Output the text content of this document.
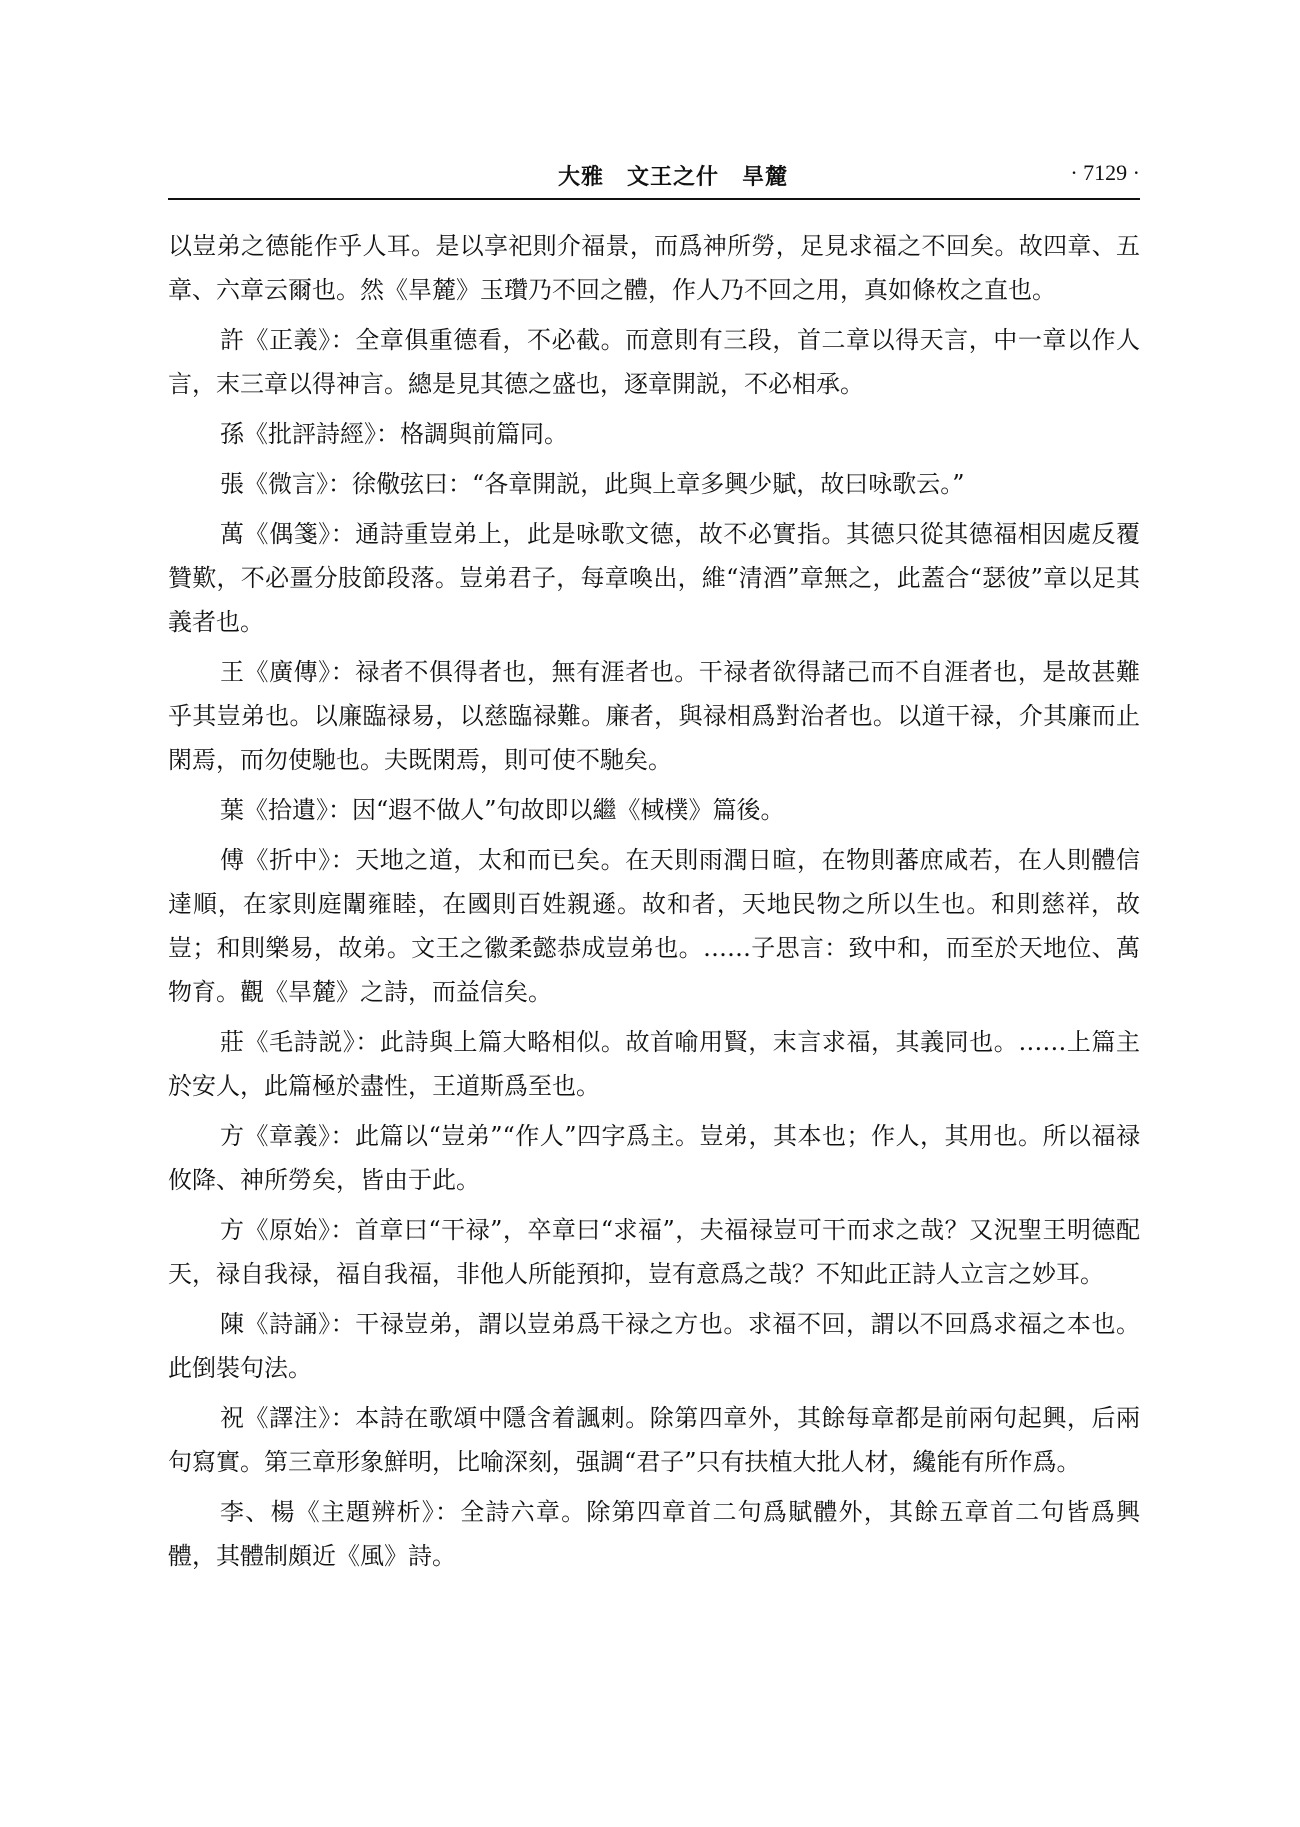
大雅　文王之什　旱麓	· 7129 ·

以豈弟之德能作乎人耳。是以享祀則介福景，而爲神所勞，足見求福之不回矣。故四章、五章、六章云爾也。然《旱麓》玉瓚乃不回之體，作人乃不回之用，真如條枚之直也。

許《正義》：全章俱重德看，不必截。而意則有三段，首二章以得天言，中一章以作人言，末三章以得神言。總是見其德之盛也，逐章開説，不必相承。

孫《批評詩經》：格調與前篇同。

張《微言》：徐儆弦曰：“各章開説，此與上章多興少賦，故曰咏歌云。”

萬《偶箋》：通詩重豈弟上，此是咏歌文德，故不必實指。其德只從其德福相因處反覆贊歎，不必畺分肢節段落。豈弟君子，每章喚出，維“清酒”章無之，此蓋合“瑟彼”章以足其義者也。

王《廣傳》：禄者不俱得者也，無有涯者也。干禄者欲得諸己而不自涯者也，是故甚難乎其豈弟也。以廉臨禄易，以慈臨禄難。廉者，與禄相爲對治者也。以道干禄，介其廉而止閑焉，而勿使馳也。夫既閑焉，則可使不馳矣。

葉《拾遺》：因“遐不做人”句故即以繼《棫樸》篇後。

傅《折中》：天地之道，太和而已矣。在天則雨潤日暄，在物則蕃庶咸若，在人則體信達順，在家則庭闈雍睦，在國則百姓親遜。故和者，天地民物之所以生也。和則慈祥，故豈；和則樂易，故弟。文王之徽柔懿恭成豈弟也。……子思言：致中和，而至於天地位、萬物育。觀《旱麓》之詩，而益信矣。

莊《毛詩説》：此詩與上篇大略相似。故首喻用賢，末言求福，其義同也。……上篇主於安人，此篇極於盡性，王道斯爲至也。

方《章義》：此篇以“豈弟”“作人”四字爲主。豈弟，其本也；作人，其用也。所以福禄攸降、神所勞矣，皆由于此。

方《原始》：首章曰“干禄”，卒章曰“求福”，夫福禄豈可干而求之哉？又況聖王明德配天，禄自我禄，福自我福，非他人所能預抑，豈有意爲之哉？不知此正詩人立言之妙耳。

陳《詩誦》：干禄豈弟，謂以豈弟爲干禄之方也。求福不回，謂以不回爲求福之本也。此倒裝句法。

祝《譯注》：本詩在歌頌中隱含着諷刺。除第四章外，其餘每章都是前兩句起興，后兩句寫實。第三章形象鮮明，比喻深刻，强調“君子”只有扶植大批人材，纔能有所作爲。

李、楊《主題辨析》：全詩六章。除第四章首二句爲賦體外，其餘五章首二句皆爲興體，其體制頗近《風》詩。
